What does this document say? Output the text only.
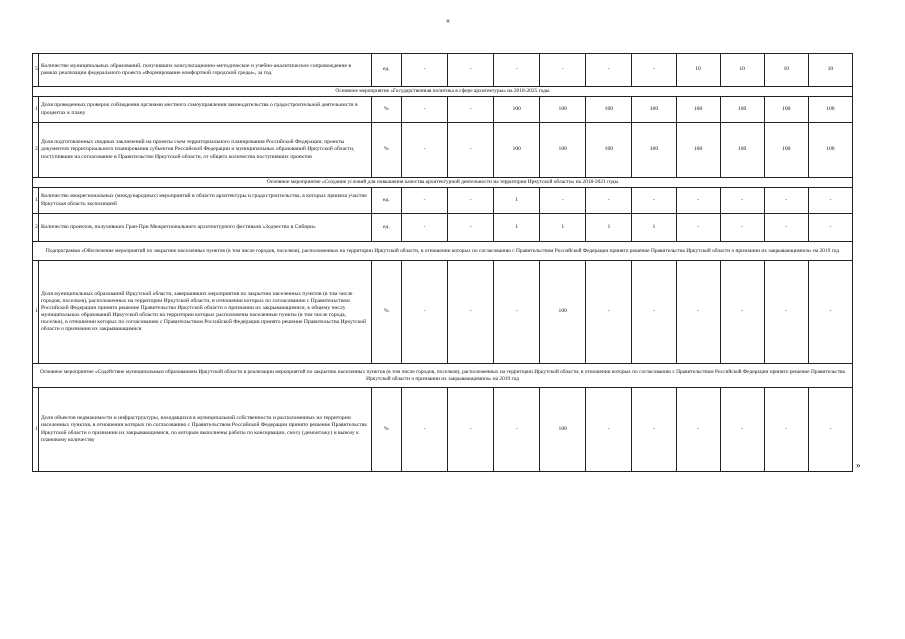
«
5	Количество муниципальных образований, получивших консультационно-методическое и учебно-аналитическое сопровождение в рамках реализации федерального проекта «Формирование комфортной городской среды», за год	ед.	-	-	-	-	-	-	10	10	10	10
Основное мероприятие «Государственная политика в сфере архитектуры» на 2018-2025 годы												
1	Доля проведенных проверок соблюдения органами местного самоуправления законодательства о градостроительной деятельности в процентах к плану	%	-	-	100	100	100	100	100	100	100	100
2	Доля подготовленных сводных заключений на проекты схем территориального планирования Российской Федерации, проекты документов территориального планирования субъектов Российской Федерации и муниципальных образований Иркутской области, поступившие на согласование в Правительство Иркутской области, от общего количества поступивших проектов	%	-	-	100	100	100	100	100	100	100	100
Основное мероприятие «Создание условий для повышения качества архитектурной деятельности на территории Иркутской области» на 2018-2021 годы												
1	Количество межрегиональных (международных) мероприятий в области архитектуры и градостроительства, в которых приняла участие Иркутская область экспозицией	ед.	-	-	1	-	-	-	-	-	-	-
2	Количество проектов, получивших Гран-При Межрегионального архитектурного фестиваля «Зодчество в Сибири»	ед.	-	-	1	1	1	1	-	-	-	-
Подпрограмма «Обеспечение мероприятий по закрытию населенных пунктов (в том числе городов, поселков), расположенных на территории Иркутской области, в отношении которых по согласованию с Правительством Российской Федерации принято решение Правительства Иркутской области о признании их закрывающимися» на 2019 год												
1	Доля муниципальных образований Иркутской области, завершивших мероприятия по закрытию населенных пунктов (в том числе городов, поселков), расположенных на территории Иркутской области, в отношении которых по согласованию с Правительством Российской Федерации принято решение Правительства Иркутской области о признании их закрывающимися, к общему числу муниципальных образований Иркутской области на территории которых расположены населенные пункты (в том числе города, поселки), в отношении которых по согласованию с Правительством Российской Федерации принято решение Правительства Иркутской области о признании их закрывающимися	%	-	-	-	100	-	-	-	-	-	-
Основное мероприятие «Содействие муниципальным образованиям Иркутской области в реализации мероприятий по закрытию населенных пунктов (в том числе городов, поселков), расположенных на территории Иркутской области, в отношении которых по согласованию с Правительством Российской Федерации принято решение Правительства Иркутской области о признании их закрывающимися» на 2019 год												
1	Доля объектов недвижимости и инфраструктуры, находящихся в муниципальной собственности и расположенных на территории населенных пунктов, в отношении которых по согласованию с Правительством Российской Федерации принято решение Правительства Иркутской области о признании их закрывающимися, по которым выполнены работы по консервации, сносу (демонтажу) и вывозу к плановому количеству	%	-	-	-	100	-	-	-	-	-	-
»
